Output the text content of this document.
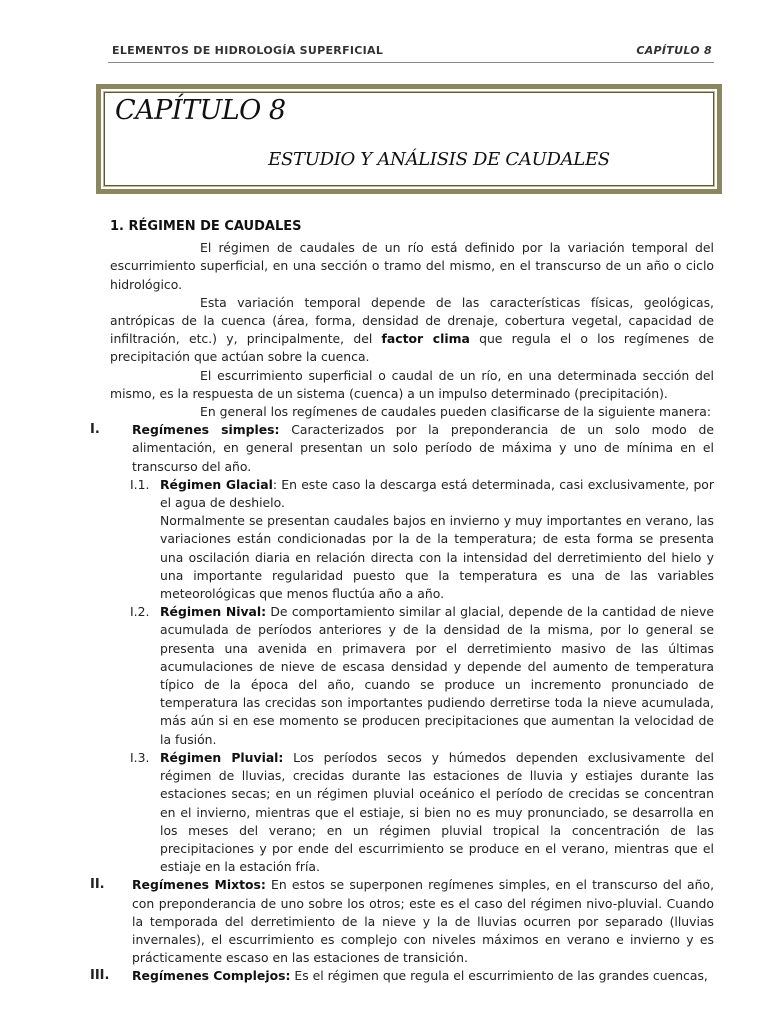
ELEMENTOS DE HIDROLOGÍA SUPERFICIAL	CAPÍTULO 8
CAPÍTULO 8
ESTUDIO Y ANÁLISIS DE CAUDALES
1. RÉGIMEN DE CAUDALES

El régimen de caudales de un río está definido por la variación temporal del escurrimiento superficial, en una sección o tramo del mismo, en el transcurso de un año o ciclo hidrológico.

Esta variación temporal depende de las características físicas, geológicas, antrópicas de la cuenca (área, forma, densidad de drenaje, cobertura vegetal, capacidad de infiltración, etc.) y, principalmente, del factor clima que regula el o los regímenes de precipitación que actúan sobre la cuenca.

El escurrimiento superficial o caudal de un río, en una determinada sección del mismo, es la respuesta de un sistema (cuenca) a un impulso determinado (precipitación).

En general los regímenes de caudales pueden clasificarse de la siguiente manera:

I.	Regímenes simples: Caracterizados por la preponderancia de un solo modo de alimentación, en general presentan un solo período de máxima y uno de mínima en el transcurso del año.
I.1. Régimen Glacial: En este caso la descarga está determinada, casi exclusivamente, por el agua de deshielo.

Normalmente se presentan caudales bajos en invierno y muy importantes en verano, las variaciones están condicionadas por la de la temperatura; de esta forma se presenta una oscilación diaria en relación directa con la intensidad del derretimiento del hielo y una importante regularidad puesto que la temperatura es una de las variables meteorológicas que menos fluctúa año a año.

I.2. Régimen Nival: De comportamiento similar al glacial, depende de la cantidad de nieve acumulada de períodos anteriores y de la densidad de la misma, por lo general se presenta una avenida en primavera por el derretimiento masivo de las últimas acumulaciones de nieve de escasa densidad y depende del aumento de temperatura típico de la época del año, cuando se produce un incremento pronunciado de temperatura las crecidas son importantes pudiendo derretirse toda la nieve acumulada, más aún si en ese momento se producen precipitaciones que aumentan la velocidad de la fusión.
I.3. Régimen Pluvial: Los períodos secos y húmedos dependen exclusivamente del régimen de lluvias, crecidas durante las estaciones de lluvia y estiajes durante las estaciones secas; en un régimen pluvial oceánico el período de crecidas se concentran en el invierno, mientras que el estiaje, si bien no es muy pronunciado, se desarrolla en los meses del verano; en un régimen pluvial tropical la concentración de las precipitaciones y por ende del escurrimiento se produce en el verano, mientras que el estiaje en la estación fría.
II. Regímenes Mixtos: En estos se superponen regímenes simples, en el transcurso del año, con preponderancia de uno sobre los otros; este es el caso del régimen nivo-pluvial. Cuando la temporada del derretimiento de la nieve y la de lluvias ocurren por separado (lluvias invernales), el escurrimiento es complejo con niveles máximos en verano e invierno y es prácticamente escaso en las estaciones de transición.
III. Regímenes Complejos: Es el régimen que regula el escurrimiento de las grandes cuencas,
